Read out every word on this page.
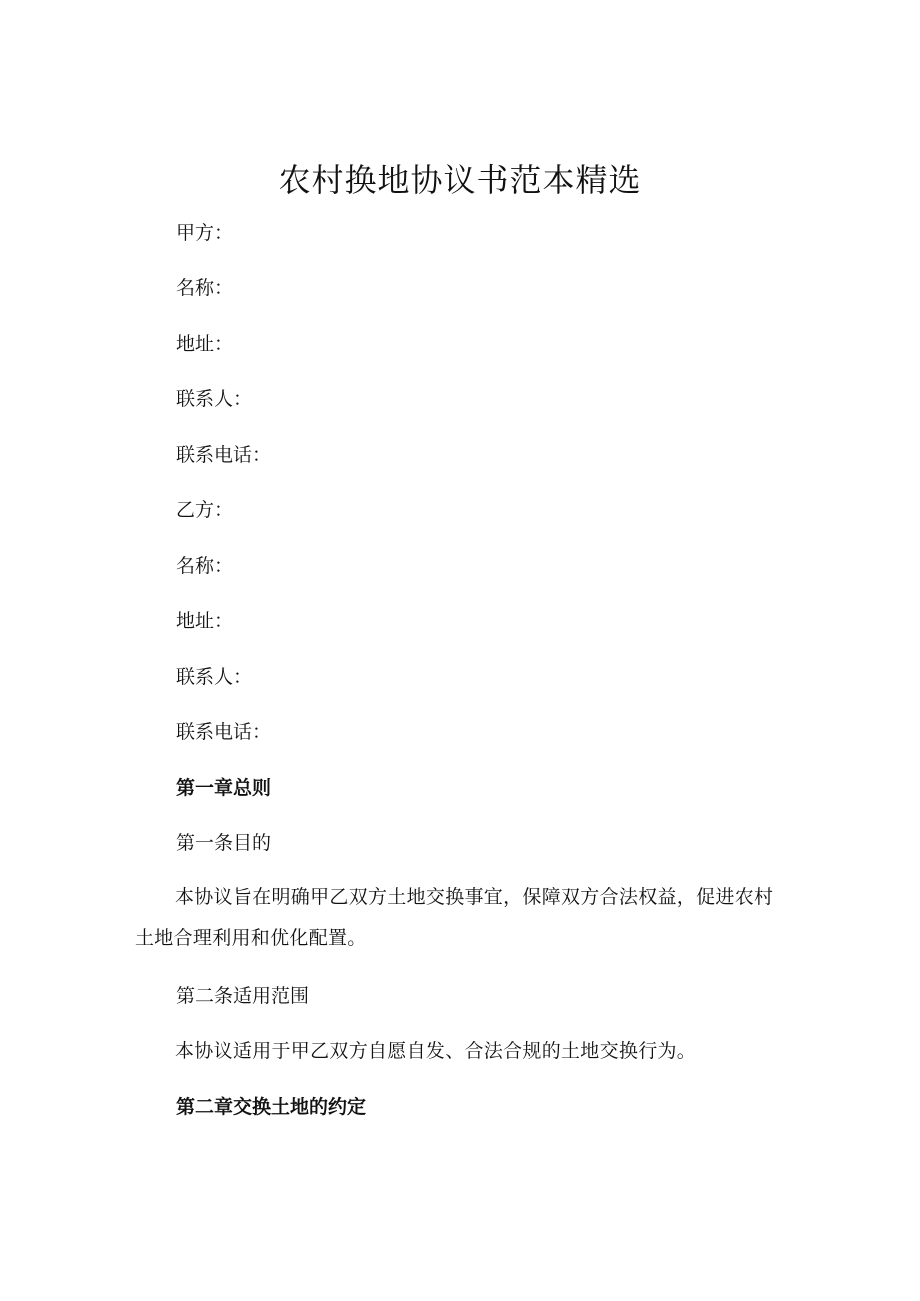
农村换地协议书范本精选

甲方：

名称：

地址：

联系人：

联系电话：

乙方：

名称：

地址：

联系人：

联系电话：

第一章总则

第一条目的

本协议旨在明确甲乙双方土地交换事宜，保障双方合法权益，促进农村土地合理利用和优化配置。

第二条适用范围

本协议适用于甲乙双方自愿自发、合法合规的土地交换行为。

第二章交换土地的约定
